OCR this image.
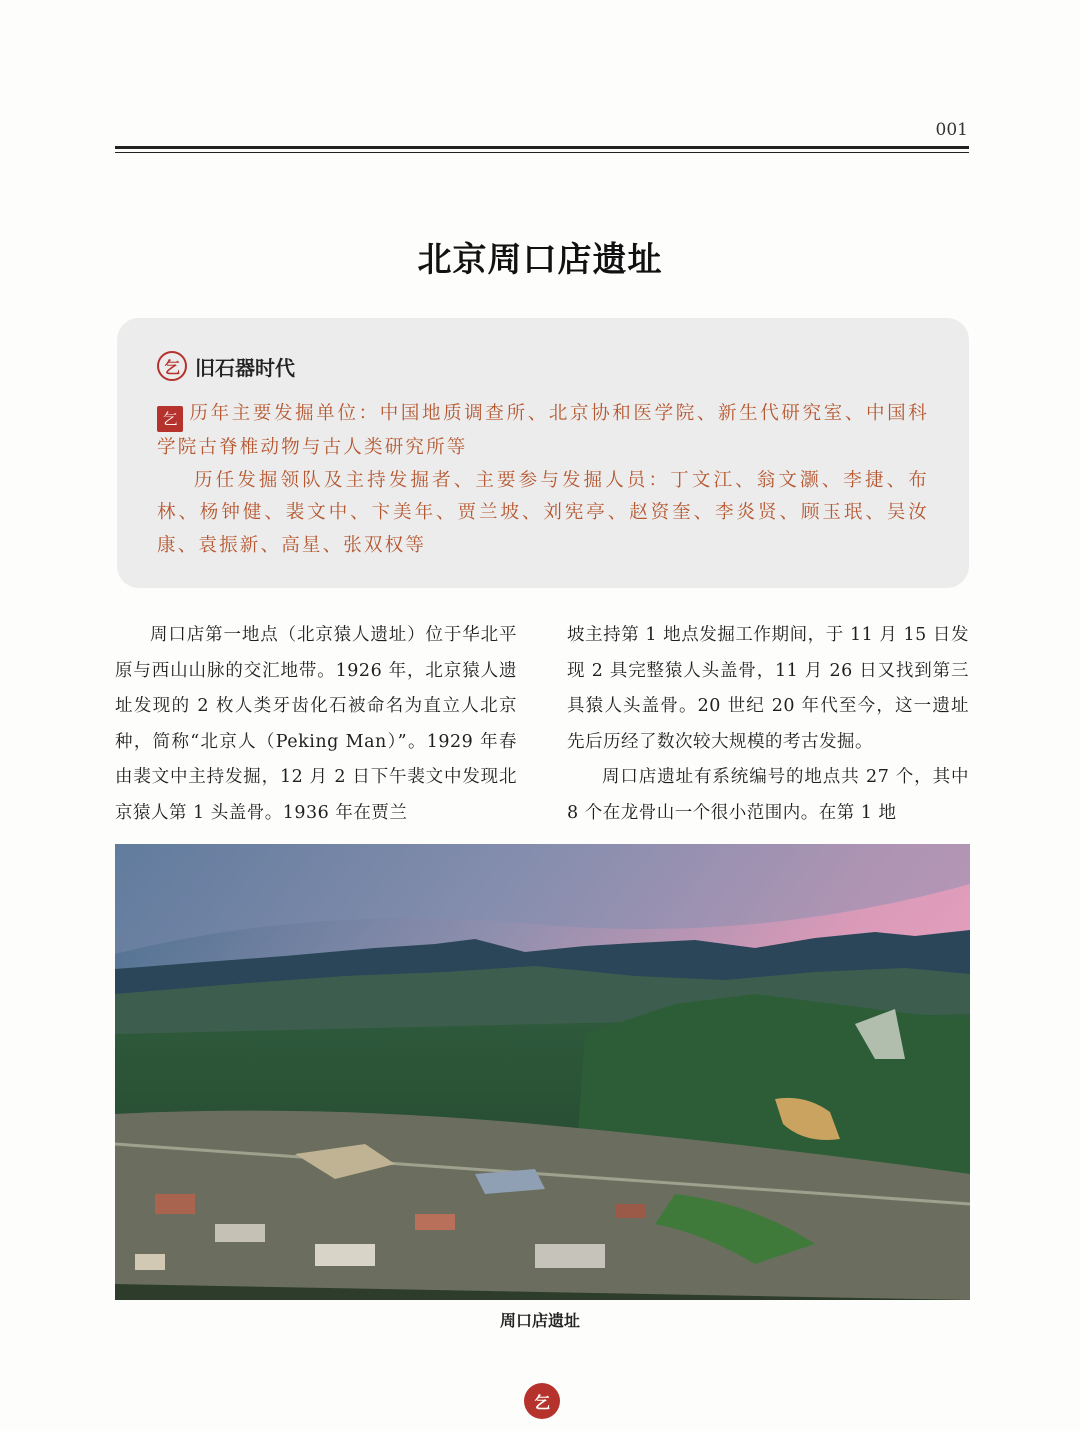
001
北京周口店遗址
乞 旧石器时代

乞 历年主要发掘单位：中国地质调查所、北京协和医学院、新生代研究室、中国科学院古脊椎动物与古人类研究所等

历任发掘领队及主持发掘者、主要参与发掘人员：丁文江、翁文灏、李捷、布林、杨钟健、裴文中、卞美年、贾兰坡、刘宪亭、赵资奎、李炎贤、顾玉珉、吴汝康、袁振新、高星、张双权等

周口店第一地点（北京猿人遗址）位于华北平原与西山山脉的交汇地带。1926 年，北京猿人遗址发现的 2 枚人类牙齿化石被命名为直立人北京种，简称“北京人（Peking Man）”。1929 年春由裴文中主持发掘，12 月 2 日下午裴文中发现北京猿人第 1 头盖骨。1936 年在贾兰

坡主持第 1 地点发掘工作期间，于 11 月 15 日发现 2 具完整猿人头盖骨，11 月 26 日又找到第三具猿人头盖骨。20 世纪 20 年代至今，这一遗址先后历经了数次较大规模的考古发掘。

周口店遗址有系统编号的地点共 27 个，其中 8 个在龙骨山一个很小范围内。在第 1 地

周口店遗址
乞
